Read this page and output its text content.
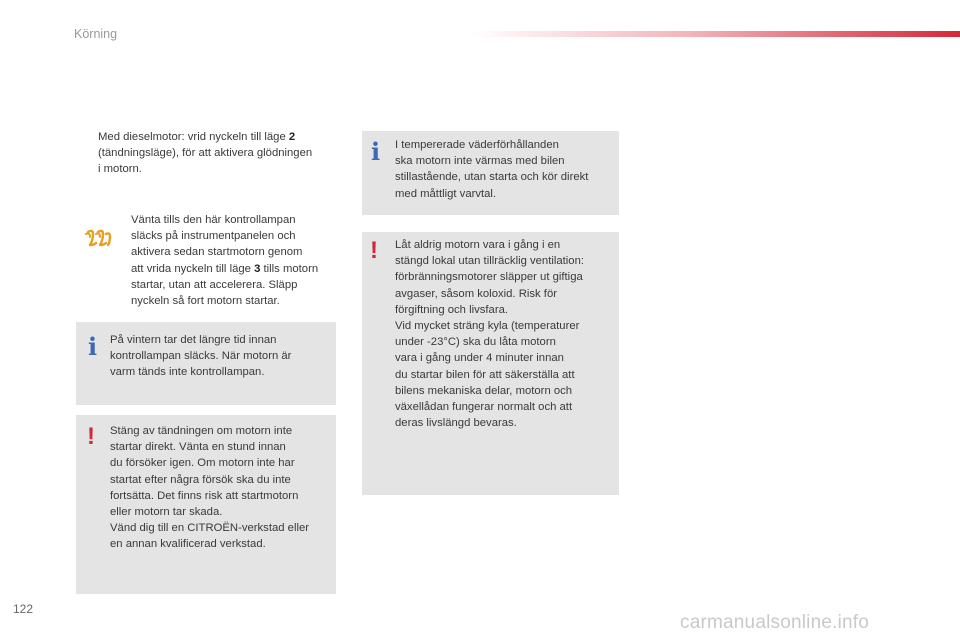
Körning
Med dieselmotor: vrid nyckeln till läge 2
(tändningsläge), för att aktivera glödningen
i motorn.
Vänta tills den här kontrollampan
släcks på instrumentpanelen och
aktivera sedan startmotorn genom
att vrida nyckeln till läge 3 tills motorn
startar, utan att accelerera. Släpp
nyckeln så fort motorn startar.
i På vintern tar det längre tid innan
kontrollampan släcks. När motorn är
varm tänds inte kontrollampan.
! Stäng av tändningen om motorn inte
startar direkt. Vänta en stund innan
du försöker igen. Om motorn inte har
startat efter några försök ska du inte
fortsätta. Det finns risk att startmotorn
eller motorn tar skada.
Vänd dig till en CITROËN-verkstad eller
en annan kvalificerad verkstad.
i I tempererade väderförhållanden
ska motorn inte värmas med bilen
stillastående, utan starta och kör direkt
med måttligt varvtal.
! Låt aldrig motorn vara i gång i en
stängd lokal utan tillräcklig ventilation:
förbränningsmotorer släpper ut giftiga
avgaser, såsom koloxid. Risk för
förgiftning och livsfara.
Vid mycket sträng kyla (temperaturer
under -23°C) ska du låta motorn
vara i gång under 4 minuter innan
du startar bilen för att säkerställa att
bilens mekaniska delar, motorn och
växellådan fungerar normalt och att
deras livslängd bevaras.
122
carmanualsonline.info
